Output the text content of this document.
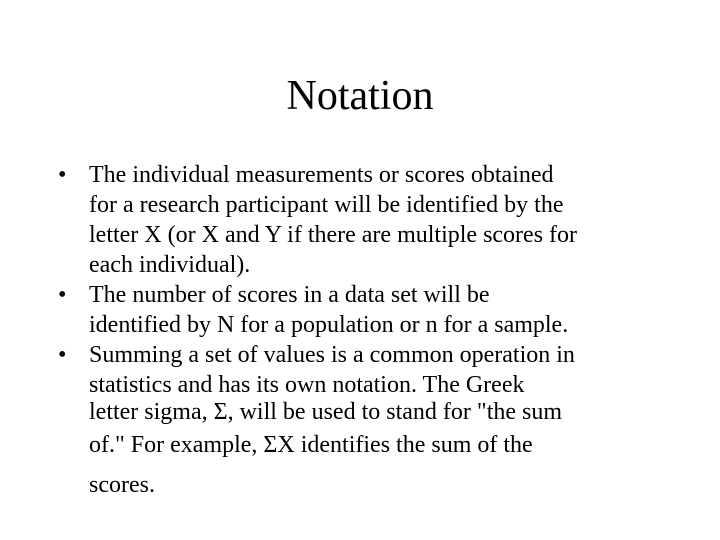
Notation
• The individual measurements or scores obtained
for a research participant will be identified by the
letter X (or X and Y if there are multiple scores for
each individual).
• The number of scores in a data set will be
identified by N for a population or n for a sample.
• Summing a set of values is a common operation in
statistics and has its own notation. The Greek
letter sigma, Σ, will be used to stand for "the sum
of." For example, ΣX identifies the sum of the
scores.
